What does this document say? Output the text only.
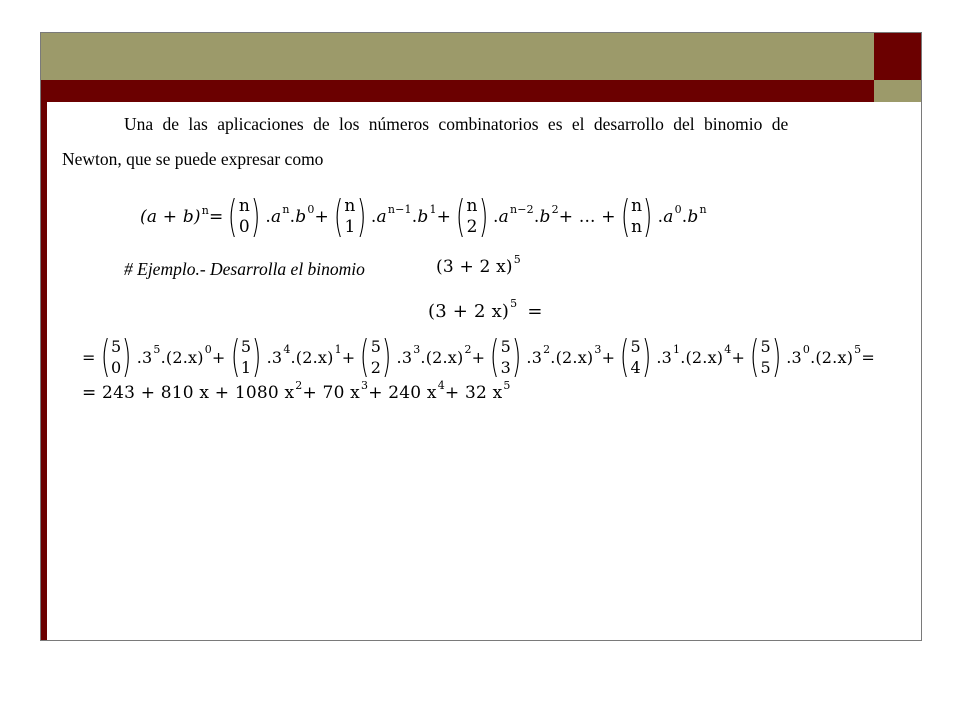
Una de las aplicaciones de los números combinatorios es el desarrollo del binomio de
Newton, que se puede expresar como
$(a + b)^n$ = ( n
0 ) . $a^n$ . $b^0$ + ( n
1 ) . $a^{n-1}$ . $b^1$ + ( n
2 ) . $a^{n-2}$ . $b^2$ + ... + ( n
n ) . $a^0$ . $b^n$
# Ejemplo.- Desarrolla el binomio	(3 + 2 x)$^5$
(3 + 2 x)$^5$ =
= ( 5
0 ) $.3^5$ $.(2.x)^0$ + ( 5
1 ) $.3^4$ $.(2.x)^1$ + ( 5
2 ) $.3^3$ $.(2.x)^2$ + ( 5
3 ) $.3^2$ $.(2.x)^3$ + ( 5
4 ) $.3^1$ $.(2.x)^4$ + ( 5
5 ) $.3^0$ $.(2.x)^5$ =
= 243 + 810 x + 1080 $x^2 + 70$ $x^3 + 240$ $x^4 + 32$ $x^5$
